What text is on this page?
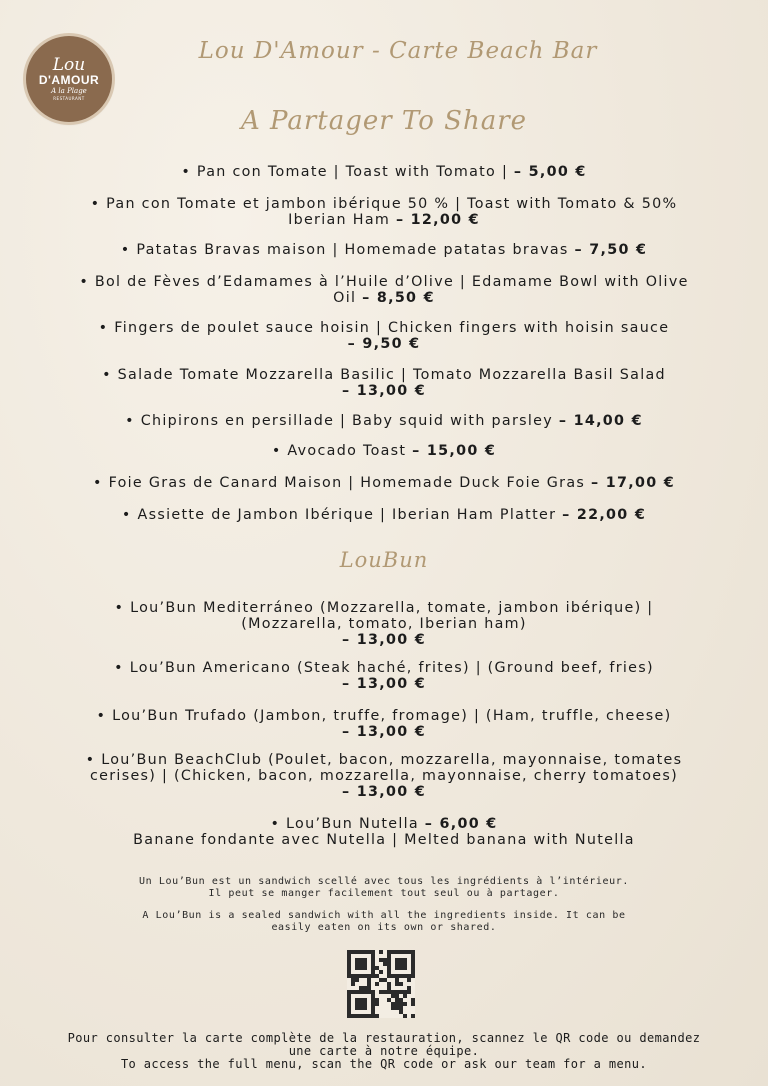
Lou
D'AMOUR
A la Plage
RESTAURANT
Lou D'Amour - Carte Beach Bar
A Partager To Share
• Pan con Tomate | Toast with Tomato | – 5,00 €
• Pan con Tomate et jambon ibérique 50 % | Toast with Tomato & 50%
Iberian Ham – 12,00 €
• Patatas Bravas maison | Homemade patatas bravas – 7,50 €
• Bol de Fèves d’Edamames à l’Huile d’Olive | Edamame Bowl with Olive
Oil – 8,50 €
• Fingers de poulet sauce hoisin | Chicken fingers with hoisin sauce
– 9,50 €
• Salade Tomate Mozzarella Basilic | Tomato Mozzarella Basil Salad
– 13,00 €
• Chipirons en persillade | Baby squid with parsley – 14,00 €
• Avocado Toast – 15,00 €
• Foie Gras de Canard Maison | Homemade Duck Foie Gras – 17,00 €
• Assiette de Jambon Ibérique | Iberian Ham Platter – 22,00 €
LouBun
• Lou’Bun Mediterráneo (Mozzarella, tomate, jambon ibérique) |
(Mozzarella, tomato, Iberian ham)
– 13,00 €
• Lou’Bun Americano (Steak haché, frites) | (Ground beef, fries)
– 13,00 €
• Lou’Bun Trufado (Jambon, truffe, fromage) | (Ham, truffle, cheese)
– 13,00 €
• Lou’Bun BeachClub (Poulet, bacon, mozzarella, mayonnaise, tomates
cerises) | (Chicken, bacon, mozzarella, mayonnaise, cherry tomatoes)
– 13,00 €
• Lou’Bun Nutella – 6,00 €
Banane fondante avec Nutella | Melted banana with Nutella
Un Lou’Bun est un sandwich scellé avec tous les ingrédients à l’intérieur.
Il peut se manger facilement tout seul ou à partager.
A Lou’Bun is a sealed sandwich with all the ingredients inside. It can be
easily eaten on its own or shared.
Pour consulter la carte complète de la restauration, scannez le QR code ou demandez
une carte à notre équipe.
To access the full menu, scan the QR code or ask our team for a menu.
